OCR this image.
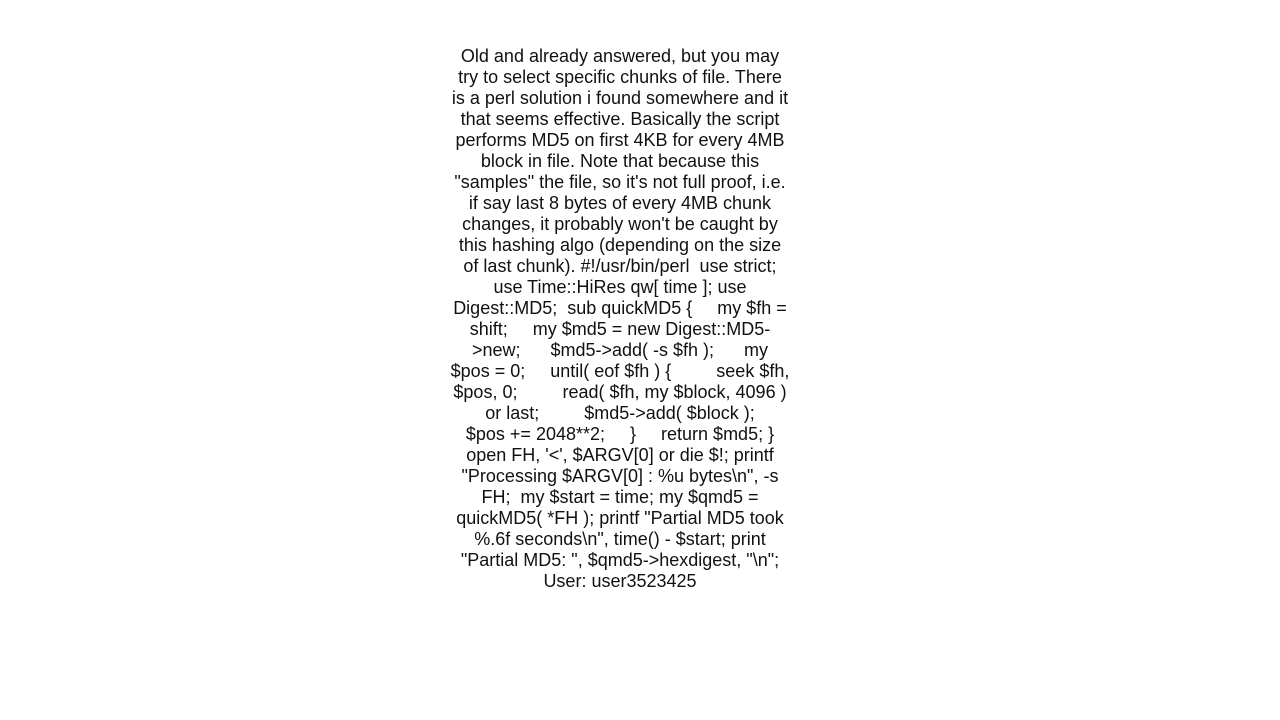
Old and already answered, but you may try to select specific chunks of file. There is a perl solution i found somewhere and it that seems effective. Basically the script performs MD5 on first 4KB for every 4MB block in file. Note that because this "samples" the file, so it's not full proof, i.e. if say last 8 bytes of every 4MB chunk changes, it probably won't be caught by this hashing algo (depending on the size of last chunk). #!/usr/bin/perl  use strict; use Time::HiRes qw[ time ]; use Digest::MD5;  sub quickMD5 {     my $fh = shift;     my $md5 = new Digest::MD5->new;      $md5->add( -s $fh );      my $pos = 0;     until( eof $fh ) {         seek $fh, $pos, 0;         read( $fh, my $block, 4096 ) or last;         $md5->add( $block );         $pos += 2048**2;     }     return $md5; }  open FH, '<', $ARGV[0] or die $!; printf "Processing $ARGV[0] : %u bytes\n", -s FH;  my $start = time; my $qmd5 = quickMD5( *FH ); printf "Partial MD5 took %.6f seconds\n", time() - $start; print "Partial MD5: ", $qmd5->hexdigest, "\n";   User: user3523425
